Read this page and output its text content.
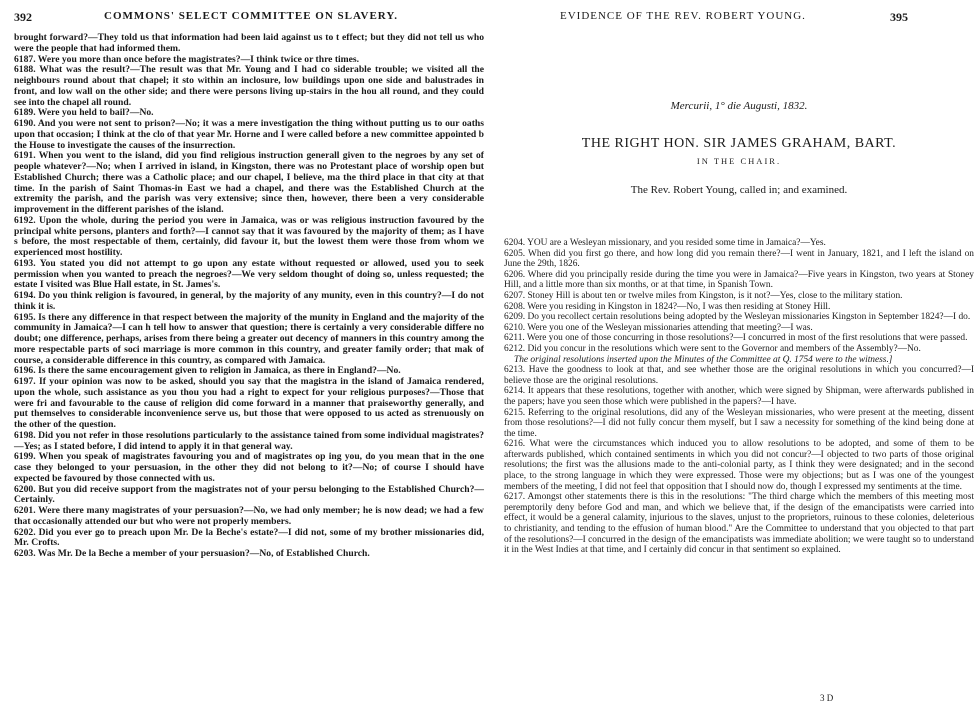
392	COMMONS' SELECT COMMITTEE ON SLAVERY.

brought forward?—They told us that information had been laid against us to t effect; but they did not tell us who were the people that had informed them.

6187. Were you more than once before the magistrates?—I think twice or thre times.

6188. What was the result?—The result was that Mr. Young and I had co siderable trouble; we visited all the neighbours round about that chapel; it sto within an inclosure, low buildings upon one side and balustrades in front, and low wall on the other side; and there were persons living up-stairs in the hou all round, and they could see into the chapel all round.

6189. Were you held to bail?—No.

6190. And you were not sent to prison?—No; it was a mere investigation the thing without putting us to our oaths upon that occasion; I think at the clo of that year Mr. Horne and I were called before a new committee appointed b the House to investigate the causes of the insurrection.

6191. When you went to the island, did you find religious instruction generall given to the negroes by any set of people whatever?—No; when I arrived in island, in Kingston, there was no Protestant place of worship open but Established Church; there was a Catholic place; and our chapel, I believe, ma the third place in that city at that time. In the parish of Saint Thomas-in East we had a chapel, and there was the Established Church at the extremity the parish, and the parish was very extensive; since then, however, there been a very considerable improvement in the different parishes of the island.

6192. Upon the whole, during the period you were in Jamaica, was or was religious instruction favoured by the principal white persons, planters and forth?—I cannot say that it was favoured by the majority of them; as I have s before, the most respectable of them, certainly, did favour it, but the lowest them were those from whom we experienced most hostility.

6193. You stated you did not attempt to go upon any estate without requested or allowed, used you to seek permission when you wanted to preach the negroes?—We very seldom thought of doing so, unless requested; the estate I visited was Blue Hall estate, in St. James's.

6194. Do you think religion is favoured, in general, by the majority of any munity, even in this country?—I do not think it is.

6195. Is there any difference in that respect between the majority of the munity in England and the majority of the community in Jamaica?—I can h tell how to answer that question; there is certainly a very considerable differe no doubt; one difference, perhaps, arises from there being a greater out decency of manners in this country among the more respectable parts of soci marriage is more common in this country, and greater family order; that mak of course, a considerable difference in this country, as compared with Jamaica.

6196. Is there the same encouragement given to religion in Jamaica, as there in England?—No.

6197. If your opinion was now to be asked, should you say that the magistra in the island of Jamaica rendered, upon the whole, such assistance as you thou you had a right to expect for your religious purposes?—Those that were fri and favourable to the cause of religion did come forward in a manner that praiseworthy generally, and put themselves to considerable inconvenience serve us, but those that were opposed to us acted as strenuously on the other of the question.

6198. Did you not refer in those resolutions particularly to the assistance tained from some individual magistrates?—Yes; as I stated before, I did intend to apply it in that general way.

6199. When you speak of magistrates favouring you and of magistrates op ing you, do you mean that in the one case they belonged to your persuasion, in the other they did not belong to it?—No; of course I should have expected be favoured by those connected with us.

6200. But you did receive support from the magistrates not of your persu belonging to the Established Church?—Certainly.

6201. Were there many magistrates of your persuasion?—No, we had only member; he is now dead; we had a few that occasionally attended our but who were not properly members.

6202. Did you ever go to preach upon Mr. De la Beche's estate?—I did not, some of my brother missionaries did, Mr. Crofts.

6203. Was Mr. De la Beche a member of your persuasion?—No, of Established Church.

EVIDENCE OF THE REV. ROBERT YOUNG.	395

Mercurii, 1° die Augusti, 1832.

THE RIGHT HON. SIR JAMES GRAHAM, BART.

IN THE CHAIR.

The Rev. Robert Young, called in; and examined.

6204. YOU are a Wesleyan missionary, and you resided some time in Jamaica?—Yes.

6205. When did you first go there, and how long did you remain there?—I went in January, 1821, and I left the island on June the 29th, 1826.

6206. Where did you principally reside during the time you were in Jamaica?—Five years in Kingston, two years at Stoney Hill, and a little more than six months, or at that time, in Spanish Town.

6207. Stoney Hill is about ten or twelve miles from Kingston, is it not?—Yes, close to the military station.

6208. Were you residing in Kingston in 1824?—No, I was then residing at Stoney Hill.

6209. Do you recollect certain resolutions being adopted by the Wesleyan missionaries Kingston in September 1824?—I do.

6210. Were you one of the Wesleyan missionaries attending that meeting?—I was.

6211. Were you one of those concurring in those resolutions?—I concurred in most of the first resolutions that were passed.

6212. Did you concur in the resolutions which were sent to the Governor and members of the Assembly?—No.

The original resolutions inserted upon the Minutes of the Committee at Q. 1754 were to the witness.]

6213. Have the goodness to look at that, and see whether those are the original resolutions in which you concurred?—I believe those are the original resolutions.

6214. It appears that these resolutions, together with another, which were signed by Shipman, were afterwards published in the papers; have you seen those which were published in the papers?—I have.

6215. Referring to the original resolutions, did any of the Wesleyan missionaries, who were present at the meeting, dissent from those resolutions?—I did not fully concur them myself, but I saw a necessity for something of the kind being done at the time.

6216. What were the circumstances which induced you to allow resolutions to be adopted, and some of them to be afterwards published, which contained sentiments in which you did not concur?—I objected to two parts of those original resolutions; the first was the allusions made to the anti-colonial party, as I think they were designated; and in the second place, to the strong language in which they were expressed. Those were my objections; but as I was one of the youngest members of the meeting, I did not feel that opposition that I should now do, though I expressed my sentiments at the time.

6217. Amongst other statements there is this in the resolutions: "The third charge which the members of this meeting most peremptorily deny before God and man, and which we believe that, if the design of the emancipatists were carried into effect, it would be a general calamity, injurious to the slaves, unjust to the proprietors, ruinous to these colonies, deleterious to christianity, and tending to the effusion of human blood." Are the Committee to understand that you objected to that part of the resolutions?—I concurred in the design of the emancipatists was immediate abolition; we were taught so to understand it in the West Indies at that time, and I certainly did concur in that sentiment so explained.

3 D
